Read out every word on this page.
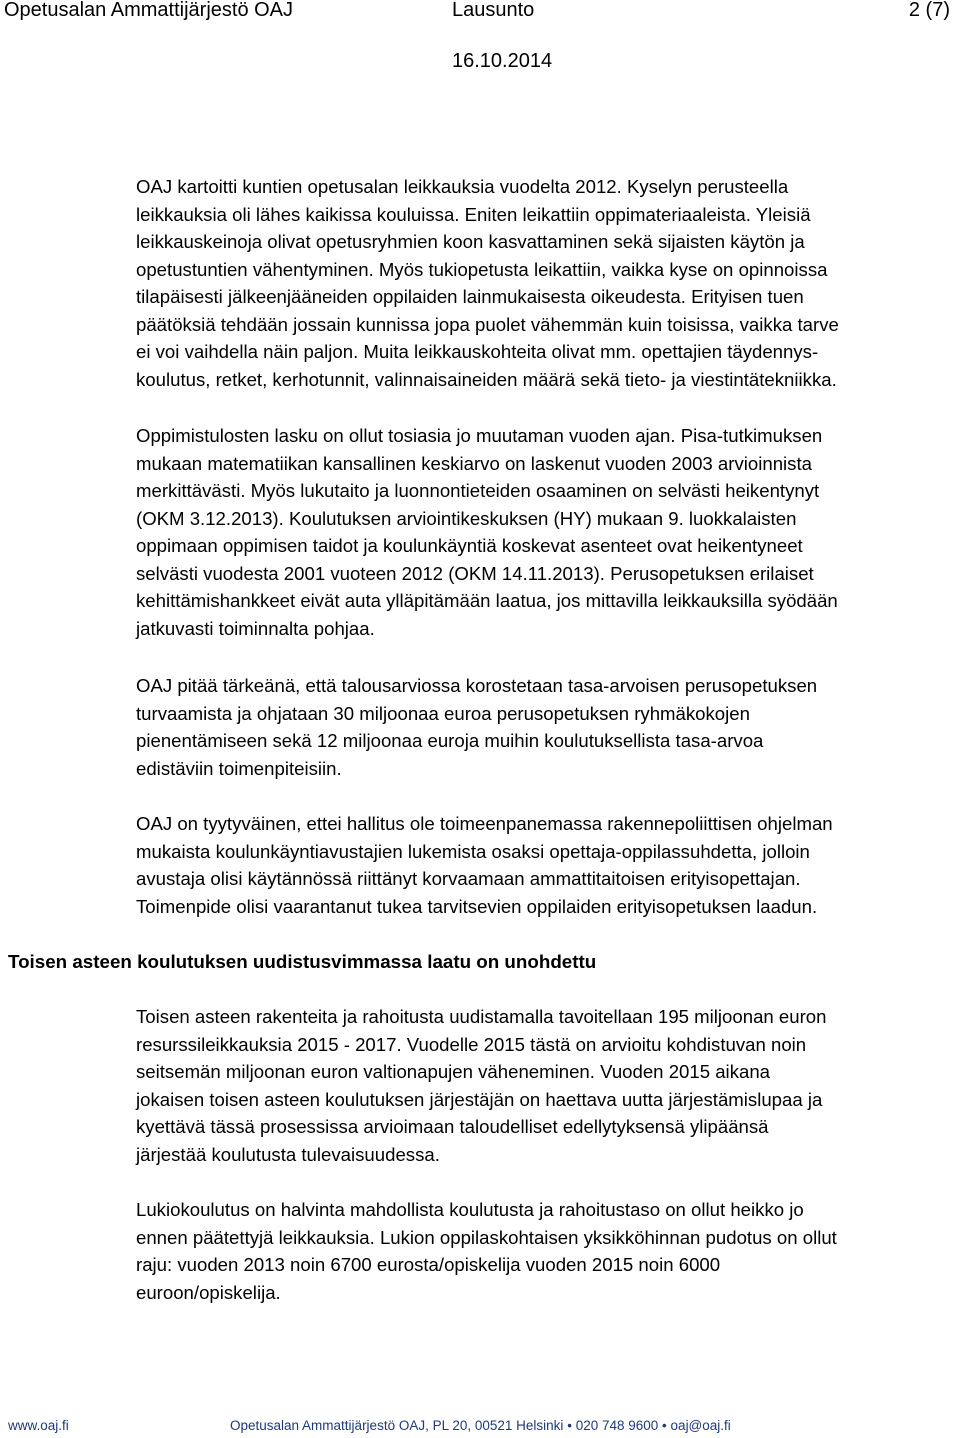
Opetusalan Ammattijärjestö OAJ	Lausunto	2 (7)
16.10.2014

OAJ kartoitti kuntien opetusalan leikkauksia vuodelta 2012. Kyselyn perusteella
leikkauksia oli lähes kaikissa kouluissa. Eniten leikattiin oppimateriaaleista. Yleisiä
leikkauskeinoja olivat opetusryhmien koon kasvattaminen sekä sijaisten käytön ja
opetustuntien vähentyminen. Myös tukiopetusta leikattiin, vaikka kyse on opinnoissa
tilapäisesti jälkeenjääneiden oppilaiden lainmukaisesta oikeudesta. Erityisen tuen
päätöksiä tehdään jossain kunnissa jopa puolet vähemmän kuin toisissa, vaikka tarve
ei voi vaihdella näin paljon. Muita leikkauskohteita olivat mm. opettajien täydennys-
koulutus, retket, kerhotunnit, valinnaisaineiden määrä sekä tieto- ja viestintätekniikka.

Oppimistulosten lasku on ollut tosiasia jo muutaman vuoden ajan. Pisa-tutkimuksen
mukaan matematiikan kansallinen keskiarvo on laskenut vuoden 2003 arvioinnista
merkittävästi. Myös lukutaito ja luonnontieteiden osaaminen on selvästi heikentynyt
(OKM 3.12.2013). Koulutuksen arviointikeskuksen (HY) mukaan 9. luokkalaisten
oppimaan oppimisen taidot ja koulunkäyntiä koskevat asenteet ovat heikentyneet
selvästi vuodesta 2001 vuoteen 2012 (OKM 14.11.2013). Perusopetuksen erilaiset
kehittämishankkeet eivät auta ylläpitämään laatua, jos mittavilla leikkauksilla syödään
jatkuvasti toiminnalta pohjaa.

OAJ pitää tärkeänä, että talousarviossa korostetaan tasa-arvoisen perusopetuksen
turvaamista ja ohjataan 30 miljoonaa euroa perusopetuksen ryhmäkokojen
pienentämiseen sekä 12 miljoonaa euroja muihin koulutuksellista tasa-arvoa
edistäviin toimenpiteisiin.

OAJ on tyytyväinen, ettei hallitus ole toimeenpanemassa rakennepoliittisen ohjelman
mukaista koulunkäyntiavustajien lukemista osaksi opettaja-oppilassuhdetta, jolloin
avustaja olisi käytännössä riittänyt korvaamaan ammattitaitoisen erityisopettajan.
Toimenpide olisi vaarantanut tukea tarvitsevien oppilaiden erityisopetuksen laadun.

Toisen asteen koulutuksen uudistusvimmassa laatu on unohdettu

Toisen asteen rakenteita ja rahoitusta uudistamalla tavoitellaan 195 miljoonan euron
resurssileikkauksia 2015 - 2017. Vuodelle 2015 tästä on arvioitu kohdistuvan noin
seitsemän miljoonan euron valtionapujen väheneminen. Vuoden 2015 aikana
jokaisen toisen asteen koulutuksen järjestäjän on haettava uutta järjestämislupaa ja
kyettävä tässä prosessissa arvioimaan taloudelliset edellytyksensä ylipäänsä
järjestää koulutusta tulevaisuudessa.

Lukiokoulutus on halvinta mahdollista koulutusta ja rahoitustaso on ollut heikko jo
ennen päätettyjä leikkauksia. Lukion oppilaskohtaisen yksikköhinnan pudotus on ollut
raju: vuoden 2013 noin 6700 eurosta/opiskelija vuoden 2015 noin 6000
euroon/opiskelija.

www.oaj.fi	Opetusalan Ammattijärjestö OAJ, PL 20, 00521 Helsinki • 020 748 9600 • oaj@oaj.fi
